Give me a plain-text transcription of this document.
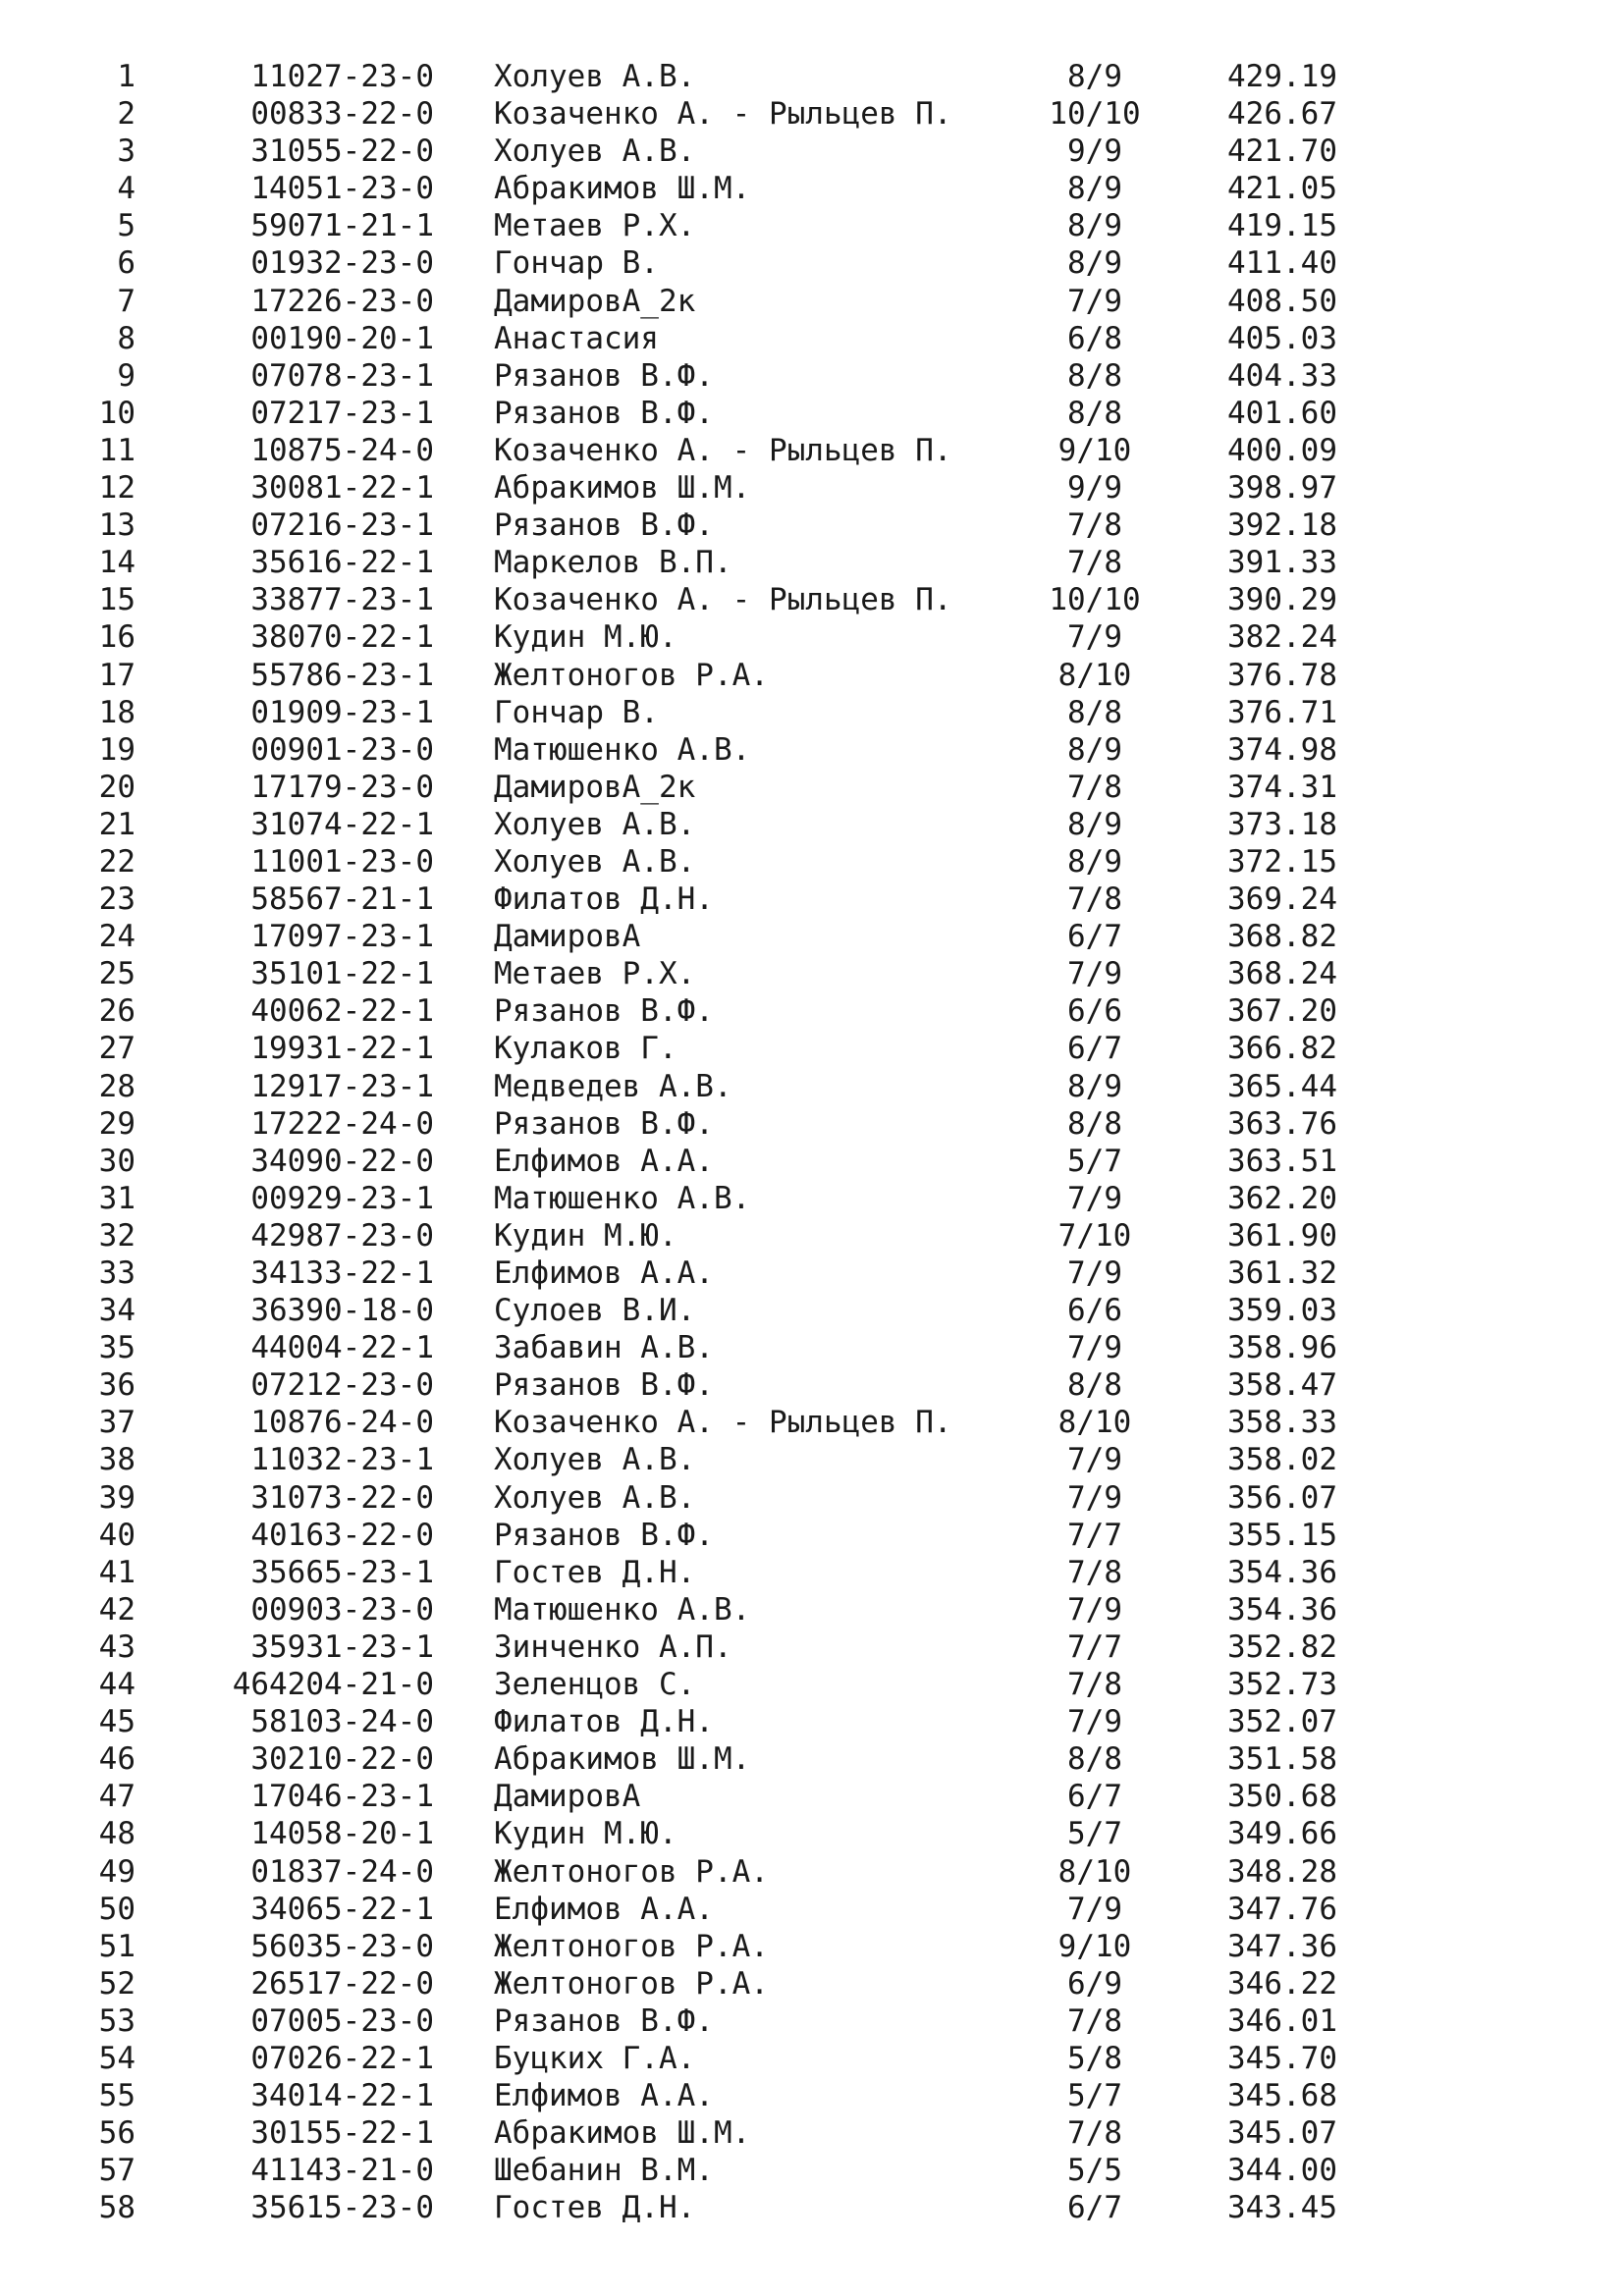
1	11027-23-0 Холуев А.В.	8/9	429.19
2	00833-22-0 Козаченко А. - Рыльцев П.	10/10	426.67
3	31055-22-0 Холуев А.В.	9/9	421.70
4	14051-23-0 Абракимов Ш.М.	8/9	421.05
5	59071-21-1 Метаев Р.Х.	8/9	419.15
6	01932-23-0 Гончар В.	8/9	411.40
7	17226-23-0 ДамировА_2к	7/9	408.50
8	00190-20-1 Анастасия	6/8	405.03
9	07078-23-1 Рязанов В.Ф.	8/8	404.33
10	07217-23-1 Рязанов В.Ф.	8/8	401.60
11	10875-24-0 Козаченко А. - Рыльцев П.	9/10	400.09
12	30081-22-1 Абракимов Ш.М.	9/9	398.97
13	07216-23-1 Рязанов В.Ф.	7/8	392.18
14	35616-22-1 Маркелов В.П.	7/8	391.33
15	33877-23-1 Козаченко А. - Рыльцев П.	10/10	390.29
16	38070-22-1 Кудин М.Ю.	7/9	382.24
17	55786-23-1 Желтоногов Р.А.	8/10	376.78
18	01909-23-1 Гончар В.	8/8	376.71
19	00901-23-0 Матюшенко А.В.	8/9	374.98
20	17179-23-0 ДамировА_2к	7/8	374.31
21	31074-22-1 Холуев А.В.	8/9	373.18
22	11001-23-0 Холуев А.В.	8/9	372.15
23	58567-21-1 Филатов Д.Н.	7/8	369.24
24	17097-23-1 ДамировА	6/7	368.82
25	35101-22-1 Метаев Р.Х.	7/9	368.24
26	40062-22-1 Рязанов В.Ф.	6/6	367.20
27	19931-22-1 Кулаков Г.	6/7	366.82
28	12917-23-1 Медведев А.В.	8/9	365.44
29	17222-24-0 Рязанов В.Ф.	8/8	363.76
30	34090-22-0 Елфимов А.А.	5/7	363.51
31	00929-23-1 Матюшенко А.В.	7/9	362.20
32	42987-23-0 Кудин М.Ю.	7/10	361.90
33	34133-22-1 Елфимов А.А.	7/9	361.32
34	36390-18-0 Сулоев В.И.	6/6	359.03
35	44004-22-1 Забавин А.В.	7/9	358.96
36	07212-23-0 Рязанов В.Ф.	8/8	358.47
37	10876-24-0 Козаченко А. - Рыльцев П.	8/10	358.33
38	11032-23-1 Холуев А.В.	7/9	358.02
39	31073-22-0 Холуев А.В.	7/9	356.07
40	40163-22-0 Рязанов В.Ф.	7/7	355.15
41	35665-23-1 Гостев Д.Н.	7/8	354.36
42	00903-23-0 Матюшенко А.В.	7/9	354.36
43	35931-23-1 Зинченко А.П.	7/7	352.82
44	464204-21-0 Зеленцов С.	7/8	352.73
45	58103-24-0 Филатов Д.Н.	7/9	352.07
46	30210-22-0 Абракимов Ш.М.	8/8	351.58
47	17046-23-1 ДамировА	6/7	350.68
48	14058-20-1 Кудин М.Ю.	5/7	349.66
49	01837-24-0 Желтоногов Р.А.	8/10	348.28
50	34065-22-1 Елфимов А.А.	7/9	347.76
51	56035-23-0 Желтоногов Р.А.	9/10	347.36
52	26517-22-0 Желтоногов Р.А.	6/9	346.22
53	07005-23-0 Рязанов В.Ф.	7/8	346.01
54	07026-22-1 Буцких Г.А.	5/8	345.70
55	34014-22-1 Елфимов А.А.	5/7	345.68
56	30155-22-1 Абракимов Ш.М.	7/8	345.07
57	41143-21-0 Шебанин В.М.	5/5	344.00
58	35615-23-0 Гостев Д.Н.	6/7	343.45
